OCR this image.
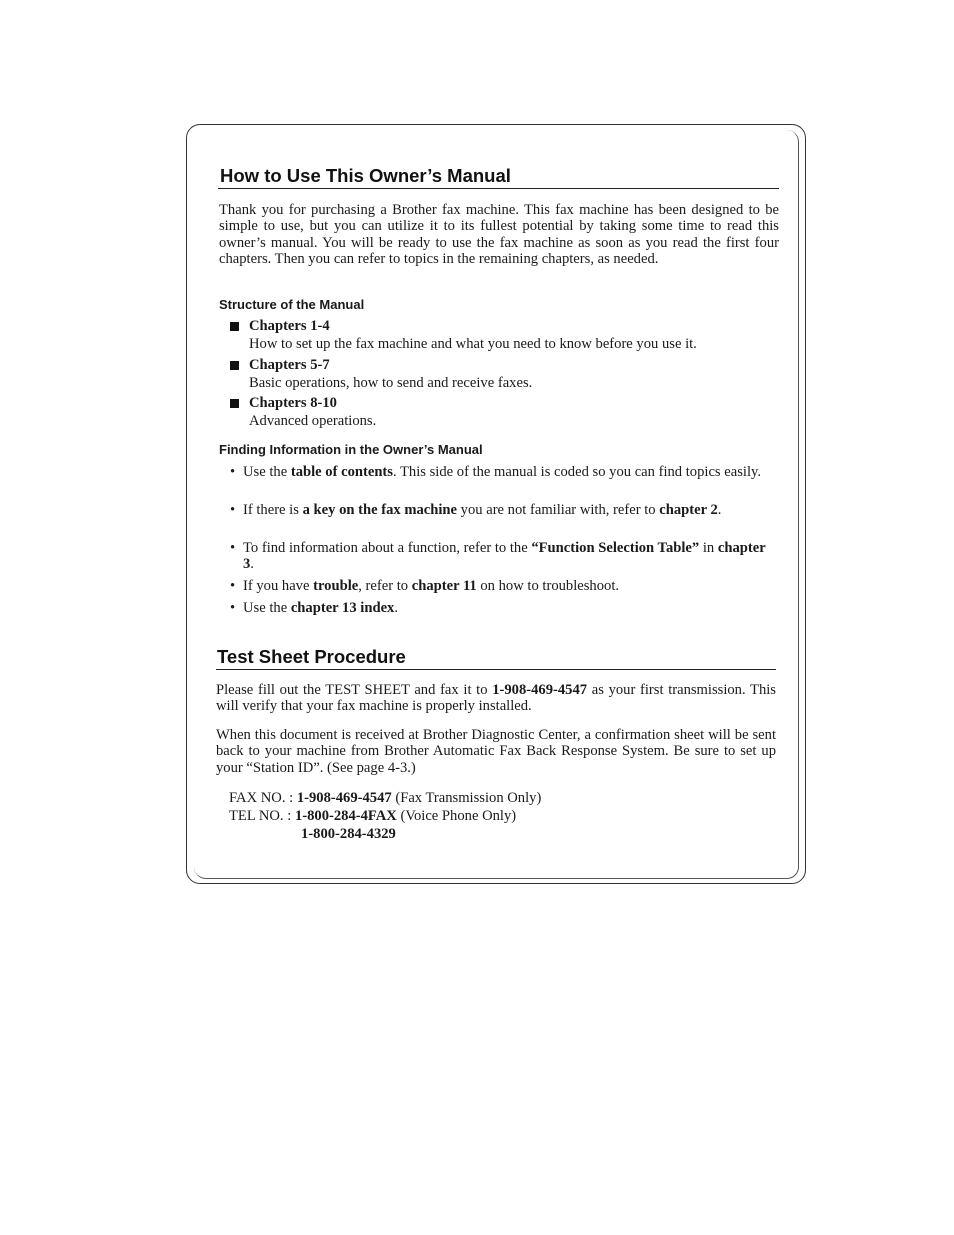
How to Use This Owner’s Manual

Thank you for purchasing a Brother fax machine. This fax machine has been designed to be simple to use, but you can utilize it to its fullest potential by taking some time to read this owner’s manual. You will be ready to use the fax machine as soon as you read the first four chapters. Then you can refer to topics in the remaining chapters, as needed.

Structure of the Manual
Chapters 1-4
How to set up the fax machine and what you need to know before you use it.
Chapters 5-7
Basic operations, how to send and receive faxes.
Chapters 8-10
Advanced operations.
Finding Information in the Owner’s Manual
• Use the table of contents. This side of the manual is coded so you can find topics easily.
• If there is a key on the fax machine you are not familiar with, refer to chapter 2.
• To find information about a function, refer to the “Function Selection Table” in chapter 3.
• If you have trouble, refer to chapter 11 on how to troubleshoot.
• Use the chapter 13 index.
Test Sheet Procedure
Please fill out the TEST SHEET and fax it to 1-908-469-4547 as your first transmission. This will verify that your fax machine is properly installed.

When this document is received at Brother Diagnostic Center, a confirmation sheet will be sent back to your machine from Brother Automatic Fax Back Response System. Be sure to set up your “Station ID”. (See page 4-3.)

FAX NO. : 1-908-469-4547 (Fax Transmission Only)
TEL NO. : 1-800-284-4FAX (Voice Phone Only)
1-800-284-4329
